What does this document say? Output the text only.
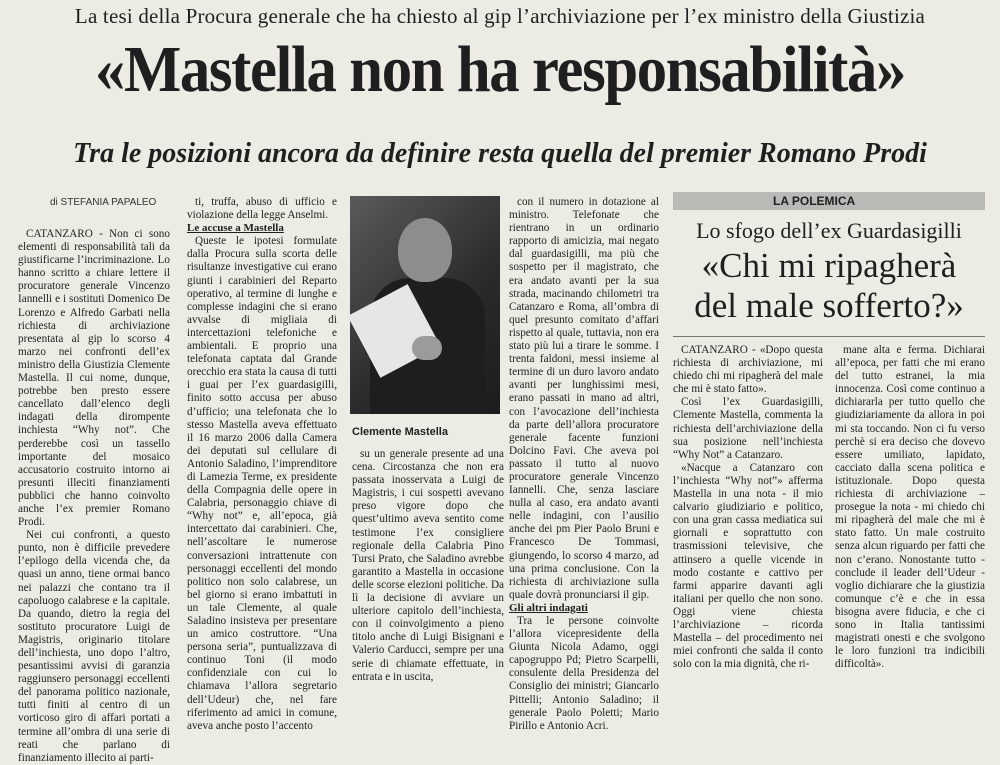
La tesi della Procura generale che ha chiesto al gip l’archiviazione per l’ex ministro della Giustizia
«Mastella non ha responsabilità»
Tra le posizioni ancora da definire resta quella del premier Romano Prodi
di STEFANIA PAPALEO

CATANZARO - Non ci sono elementi di responsabilità tali da giustificarne l’incriminazione. Lo hanno scritto a chiare lettere il procuratore generale Vincenzo Iannelli e i sostituti Domenico De Lorenzo e Alfredo Garbati nella richiesta di archiviazione presentata al gip lo scorso 4 marzo nei confronti dell’ex ministro della Giustizia Clemente Mastella. Il cui nome, dunque, potrebbe ben presto essere cancellato dall’elenco degli indagati della dirompente inchiesta “Why not”. Che perderebbe così un tassello importante del mosaico accusatorio costruito intorno ai presunti illeciti finanziamenti pubblici che hanno coinvolto anche l’ex premier Romano Prodi.

Nei cui confronti, a questo punto, non è difficile prevedere l’epilogo della vicenda che, da quasi un anno, tiene ormai banco nei palazzi che contano tra il capoluogo calabrese e la capitale. Da quando, dietro la regia del sostituto procuratore Luigi de Magistris, originario titolare dell’inchiesta, uno dopo l’altro, pesantissimi avvisi di garanzia raggiunsero personaggi eccellenti del panorama politico nazionale, tutti finiti al centro di un vorticoso giro di affari portati a termine all’ombra di una serie di reati che parlano di finanziamento illecito ai parti-

ti, truffa, abuso di ufficio e violazione della legge Anselmi.

Le accuse a Mastella

Queste le ipotesi formulate dalla Procura sulla scorta delle risultanze investigative cui erano giunti i carabinieri del Reparto operativo, al termine di lunghe e complesse indagini che si erano avvalse di migliaia di intercettazioni telefoniche e ambientali. E proprio una telefonata captata dal Grande orecchio era stata la causa di tutti i guai per l’ex guardasigilli, finito sotto accusa per abuso d’ufficio; una telefonata che lo stesso Mastella aveva effettuato il 16 marzo 2006 dalla Camera dei deputati sul cellulare di Antonio Saladino, l’imprenditore di Lamezia Terme, ex presidente della Compagnia delle opere in Calabria, personaggio chiave di “Why not” e, all’epoca, già intercettato dai carabinieri. Che, nell’ascoltare le numerose conversazioni intrattenute con personaggi eccellenti del mondo politico non solo calabrese, un bel giorno si erano imbattuti in un tale Clemente, al quale Saladino insisteva per presentare un amico costruttore. “Una persona seria”, puntualizzava di continuo Toni (il modo confidenziale con cui lo chiamava l’allora segretario dell’Udeur) che, nel fare riferimento ad amici in comune, aveva anche posto l’accento

Clemente Mastella

su un generale presente ad una cena. Circostanza che non era passata inosservata a Luigi de Magistris, i cui sospetti avevano preso vigore dopo che quest’ultimo aveva sentito come testimone l’ex consigliere regionale della Calabria Pino Tursi Prato, che Saladino avrebbe garantito a Mastella in occasione delle scorse elezioni politiche. Da lì la decisione di avviare un ulteriore capitolo dell’inchiesta, con il coinvolgimento a pieno titolo anche di Luigi Bisignani e Valerio Carducci, sempre per una serie di chiamate effettuate, in entrata e in uscita,

con il numero in dotazione al ministro. Telefonate che rientrano in un ordinario rapporto di amicizia, mai negato dal guardasigilli, ma più che sospetto per il magistrato, che era andato avanti per la sua strada, macinando chilometri tra Catanzaro e Roma, all’ombra di quel presunto comitato d’affari rispetto al quale, tuttavia, non era stato più lui a tirare le somme. I trenta faldoni, messi insieme al termine di un duro lavoro andato avanti per lunghissimi mesi, erano passati in mano ad altri, con l’avocazione dell’inchiesta da parte dell’allora procuratore generale facente funzioni Dolcino Favi. Che aveva poi passato il tutto al nuovo procuratore generale Vincenzo Iannelli. Che, senza lasciare nulla al caso, era andato avanti nelle indagini, con l’ausilio anche dei pm Pier Paolo Bruni e Francesco De Tommasi, giungendo, lo scorso 4 marzo, ad una prima conclusione. Con la richiesta di archiviazione sulla quale dovrà pronunciarsi il gip.

Gli altri indagati

Tra le persone coinvolte l’allora vicepresidente della Giunta Nicola Adamo, oggi capogruppo Pd; Pietro Scarpelli, consulente della Presidenza del Consiglio dei ministri; Giancarlo Pittelli; Antonio Saladino; il generale Paolo Poletti; Mario Pirillo e Antonio Acri.

LA POLEMICA
Lo sfogo dell’ex Guardasigilli
«Chi mi ripagherà
del male sofferto?»

CATANZARO - «Dopo questa richiesta di archiviazione, mi chiedo chi mi ripagherà del male che mi è stato fatto».

Così l’ex Guardasigilli, Clemente Mastella, commenta la richiesta dell’archiviazione della sua posizione nell’inchiesta “Why Not” a Catanzaro.

«Nacque a Catanzaro con l’inchiesta “Why not”» afferma Mastella in una nota - il mio calvario giudiziario e politico, con una gran cassa mediatica sui giornali e soprattutto con trasmissioni televisive, che attinsero a quelle vicende in modo costante e cattivo per farmi apparire davanti agli italiani per quello che non sono. Oggi viene chiesta l’archiviazione – ricorda Mastella – del procedimento nei miei confronti che salda il conto solo con la mia dignità, che ri-

mane alta e ferma. Dichiarai all’epoca, per fatti che mi erano del tutto estranei, la mia innocenza. Così come continuo a dichiararla per tutto quello che giudiziariamente da allora in poi mi sta toccando. Non ci fu verso perchè si era deciso che dovevo essere umiliato, lapidato, cacciato dalla scena politica e istituzionale. Dopo questa richiesta di archiviazione – prosegue la nota - mi chiedo chi mi ripagherà del male che mi è stato fatto. Un male costruito senza alcun riguardo per fatti che non c’erano. Nonostante tutto - conclude il leader dell’Udeur - voglio dichiarare che la giustizia comunque c’è e che in essa bisogna avere fiducia, e che ci sono in Italia tantissimi magistrati onesti e che svolgono le loro funzioni tra indicibili difficoltà».
